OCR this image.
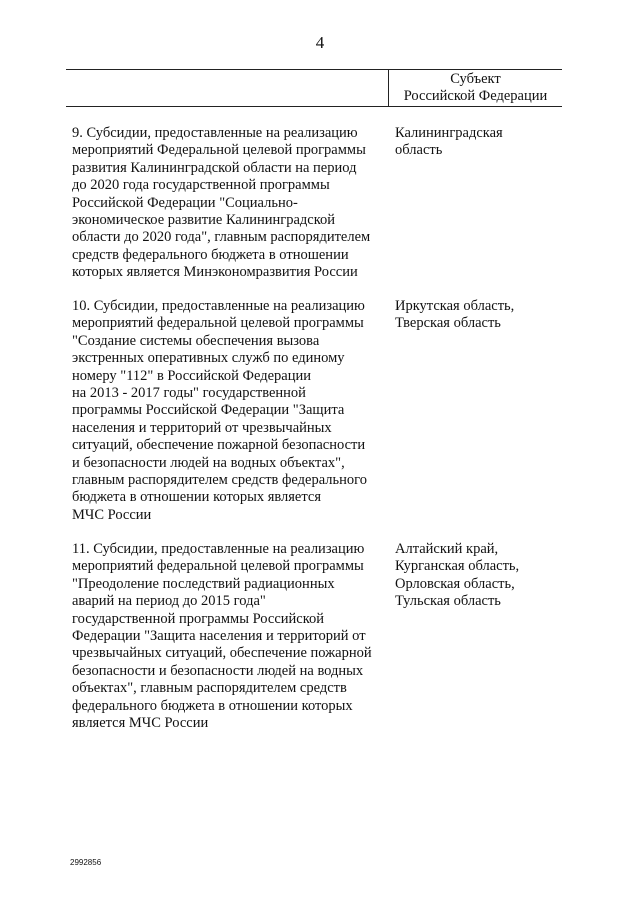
4
Субъект
Российской Федерации
9. Субсидии, предоставленные на реализацию
мероприятий Федеральной целевой программы
развития Калининградской области на период
до 2020 года государственной программы
Российской Федерации "Социально-
экономическое развитие Калининградской
области до 2020 года", главным распорядителем
средств федерального бюджета в отношении
которых является Минэкономразвития России
Калининградская
область
10. Субсидии, предоставленные на реализацию
мероприятий федеральной целевой программы
"Создание системы обеспечения вызова
экстренных оперативных служб по единому
номеру "112" в Российской Федерации
на 2013 - 2017 годы" государственной
программы Российской Федерации "Защита
населения и территорий от чрезвычайных
ситуаций, обеспечение пожарной безопасности
и безопасности людей на водных объектах",
главным распорядителем средств федерального
бюджета в отношении которых является
МЧС России
Иркутская область,
Тверская область
11. Субсидии, предоставленные на реализацию
мероприятий федеральной целевой программы
"Преодоление последствий радиационных
аварий на период до 2015 года"
государственной программы Российской
Федерации "Защита населения и территорий от
чрезвычайных ситуаций, обеспечение пожарной
безопасности и безопасности людей на водных
объектах", главным распорядителем средств
федерального бюджета в отношении которых
является МЧС России
Алтайский край,
Курганская область,
Орловская область,
Тульская область
2992856
